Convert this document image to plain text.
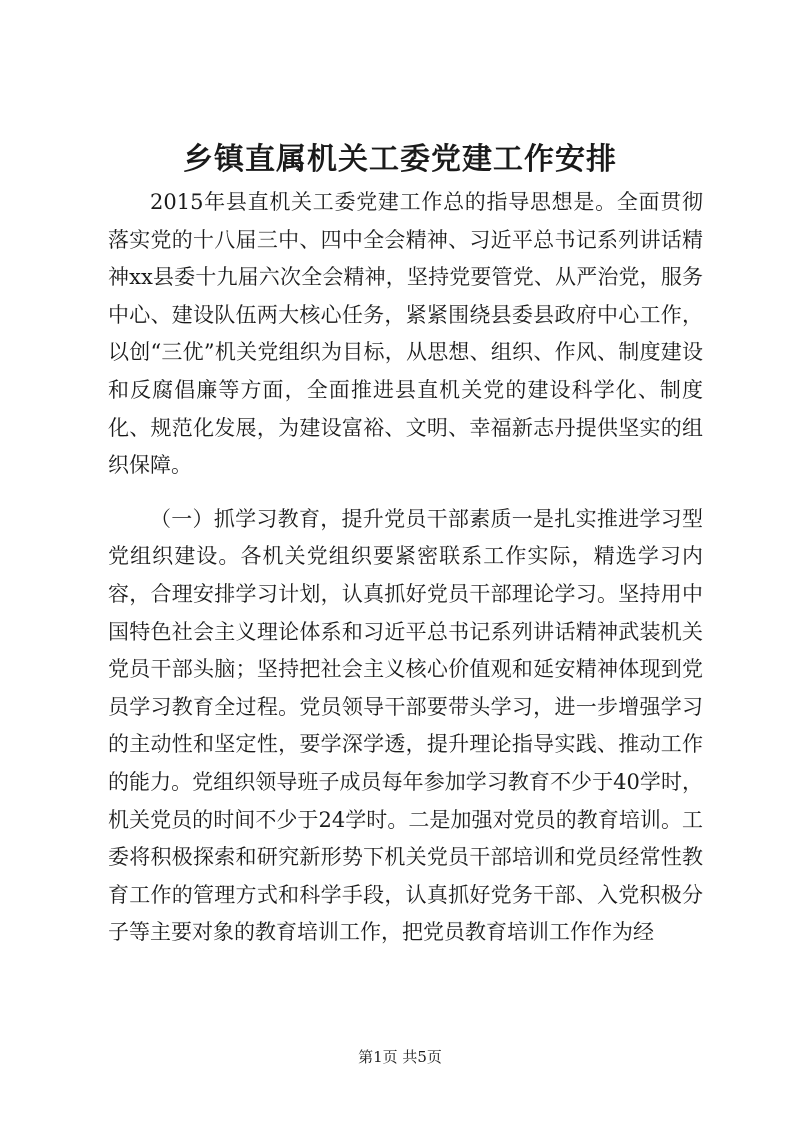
乡镇直属机关工委党建工作安排

2015年县直机关工委党建工作总的指导思想是。全面贯彻落实党的十八届三中、四中全会精神、习近平总书记系列讲话精神xx县委十九届六次全会精神，坚持党要管党、从严治党，服务中心、建设队伍两大核心任务，紧紧围绕县委县政府中心工作，以创“三优”机关党组织为目标，从思想、组织、作风、制度建设和反腐倡廉等方面，全面推进县直机关党的建设科学化、制度化、规范化发展，为建设富裕、文明、幸福新志丹提供坚实的组织保障。

（一）抓学习教育，提升党员干部素质一是扎实推进学习型党组织建设。各机关党组织要紧密联系工作实际，精选学习内容，合理安排学习计划，认真抓好党员干部理论学习。坚持用中国特色社会主义理论体系和习近平总书记系列讲话精神武装机关党员干部头脑；坚持把社会主义核心价值观和延安精神体现到党员学习教育全过程。党员领导干部要带头学习，进一步增强学习的主动性和坚定性，要学深学透，提升理论指导实践、推动工作的能力。党组织领导班子成员每年参加学习教育不少于40学时，机关党员的时间不少于24学时。二是加强对党员的教育培训。工委将积极探索和研究新形势下机关党员干部培训和党员经常性教育工作的管理方式和科学手段，认真抓好党务干部、入党积极分子等主要对象的教育培训工作，把党员教育培训工作作为经

第1页 共5页
